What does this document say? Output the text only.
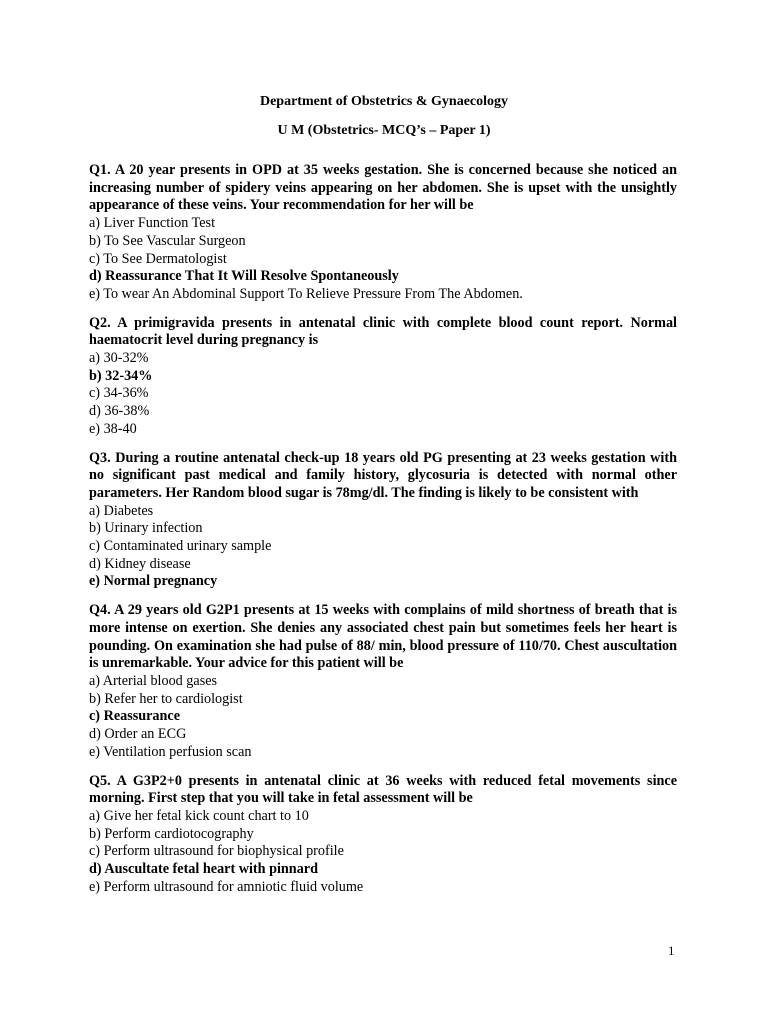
Department of Obstetrics & Gynaecology
U M (Obstetrics- MCQ’s – Paper 1)

Q1. A 20 year presents in OPD at 35 weeks gestation. She is concerned because she noticed an increasing number of spidery veins appearing on her abdomen. She is upset with the unsightly appearance of these veins. Your recommendation for her will be

a) Liver Function Test

b) To See Vascular Surgeon

c) To See Dermatologist

d) Reassurance That It Will Resolve Spontaneously

e) To wear An Abdominal Support To Relieve Pressure From The Abdomen.

Q2. A primigravida presents in antenatal clinic with complete blood count report. Normal haematocrit level during pregnancy is

a) 30-32%

b) 32-34%

c) 34-36%

d) 36-38%

e) 38-40

Q3. During a routine antenatal check-up 18 years old PG presenting at 23 weeks gestation with no significant past medical and family history, glycosuria is detected with normal other parameters. Her Random blood sugar is 78mg/dl. The finding is likely to be consistent with

a) Diabetes

b) Urinary infection

c) Contaminated urinary sample

d) Kidney disease

e) Normal pregnancy

Q4. A 29 years old G2P1 presents at 15 weeks with complains of mild shortness of breath that is more intense on exertion. She denies any associated chest pain but sometimes feels her heart is pounding. On examination she had pulse of 88/ min, blood pressure of 110/70. Chest auscultation is unremarkable. Your advice for this patient will be

a) Arterial blood gases

b) Refer her to cardiologist

c) Reassurance

d) Order an ECG

e) Ventilation perfusion scan

Q5. A G3P2+0 presents in antenatal clinic at 36 weeks with reduced fetal movements since morning. First step that you will take in fetal assessment will be

a) Give her fetal kick count chart to 10

b) Perform cardiotocography

c) Perform ultrasound for biophysical profile

d) Auscultate fetal heart with pinnard

e) Perform ultrasound for amniotic fluid volume

1
